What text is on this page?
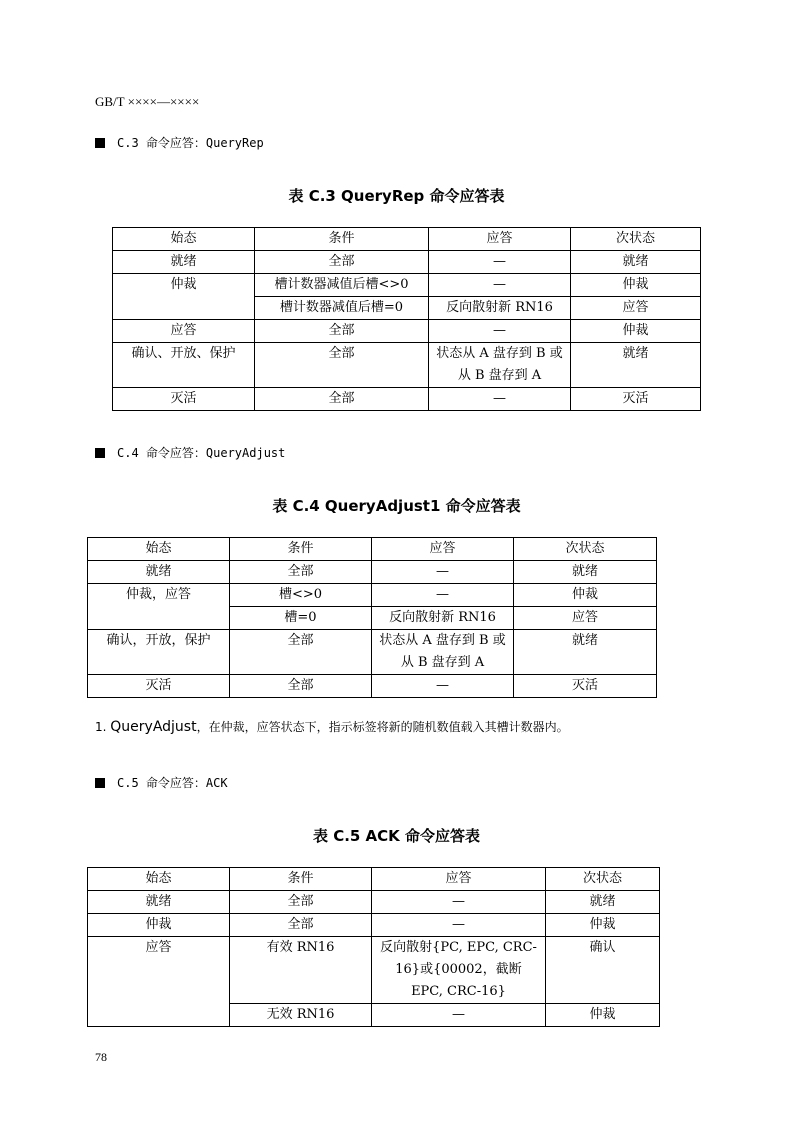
GB/T ××××—××××
C.3 命令应答：QueryRep
表 C.3 QueryRep 命令应答表
始态	条件	应答	次状态
就绪	全部	—	就绪
仲裁	槽计数器减值后槽<>0	—	仲裁
	槽计数器减值后槽=0	反向散射新 RN16	应答
应答	全部	—	仲裁
确认、开放、保护	全部	状态从 A 盘存到 B 或从 B 盘存到 A	就绪
灭活	全部	—	灭活
C.4 命令应答：QueryAdjust
表 C.4 QueryAdjust1 命令应答表
始态	条件	应答	次状态
就绪	全部	—	就绪
仲裁，应答	槽<>0	—	仲裁
	槽=0	反向散射新 RN16	应答
确认，开放，保护	全部	状态从 A 盘存到 B 或从 B 盘存到 A	就绪
灭活	全部	—	灭活
1. QueryAdjust，在仲裁，应答状态下，指示标签将新的随机数值载入其槽计数器内。
C.5 命令应答：ACK
表 C.5 ACK 命令应答表
始态	条件	应答	次状态
就绪	全部	—	就绪
仲裁	全部	—	仲裁
应答	有效 RN16	反向散射{PC, EPC, CRC-16}或{00002，截断 EPC, CRC-16}	确认
	无效 RN16	—	仲裁
78
